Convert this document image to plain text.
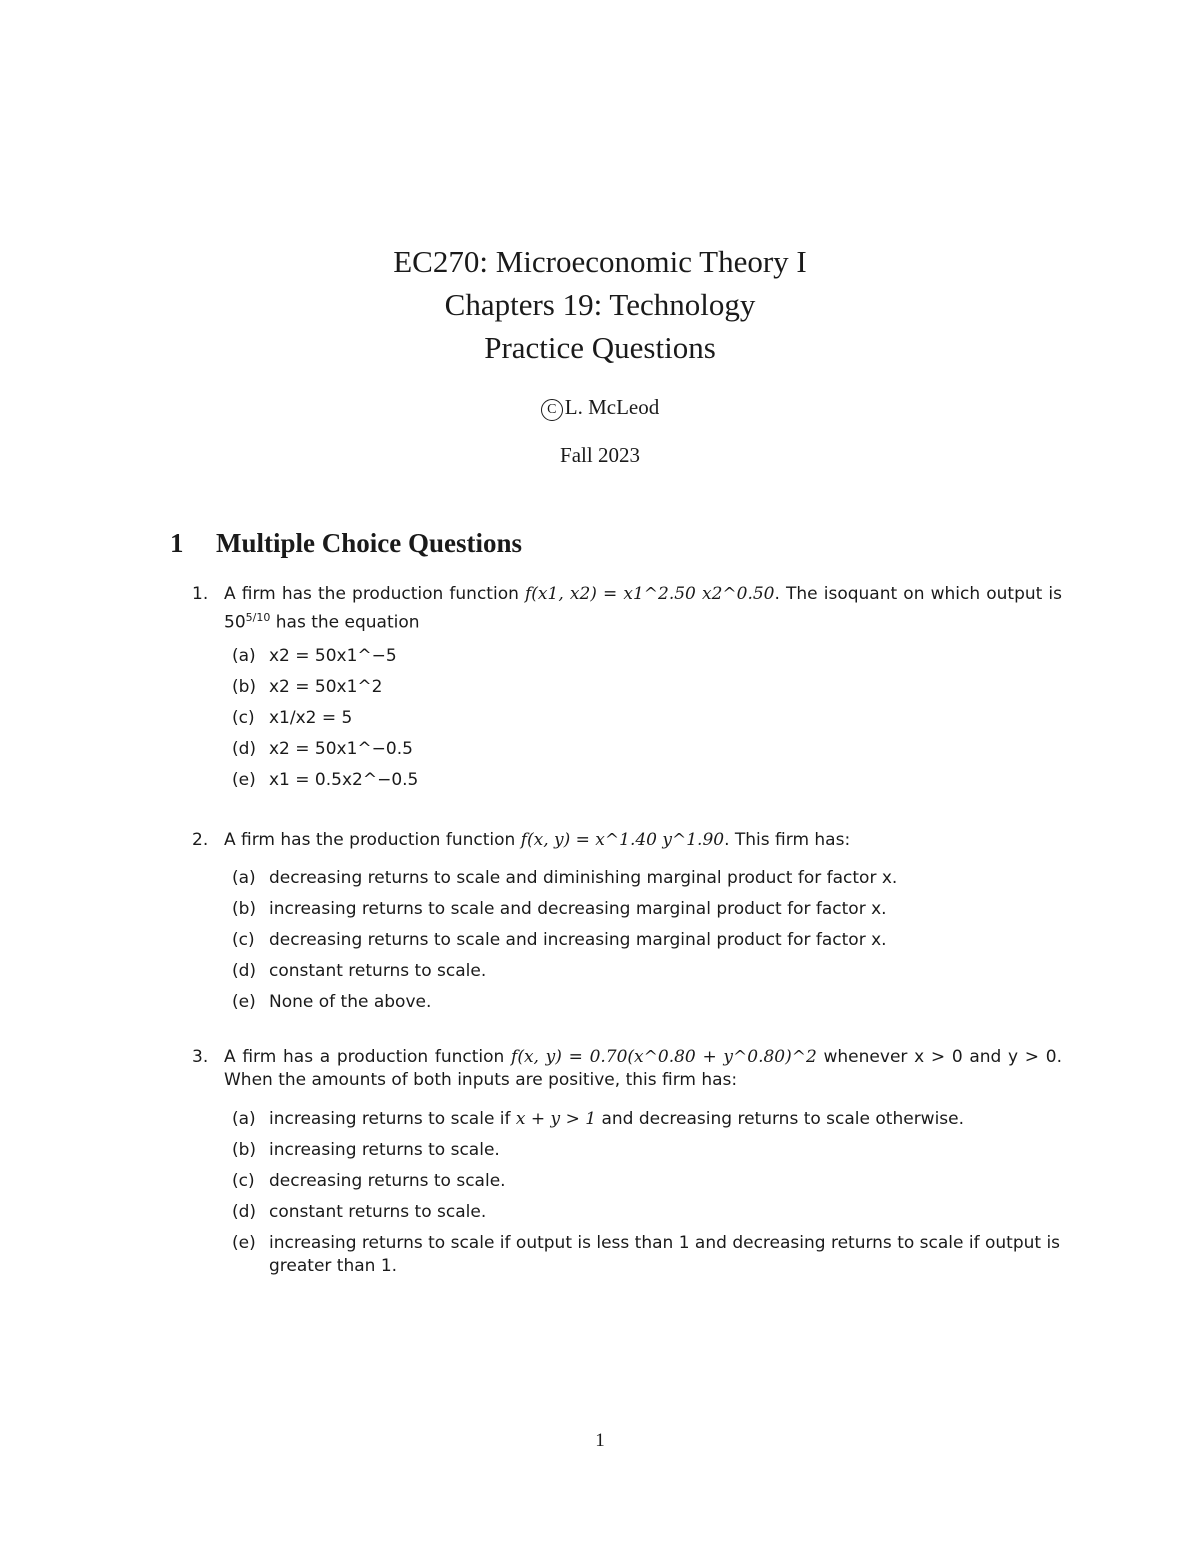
EC270: Microeconomic Theory I
Chapters 19: Technology
Practice Questions
C L. McLeod
Fall 2023
1 Multiple Choice Questions
1. A firm has the production function f(x1, x2) = x1^2.50 x2^0.50. The isoquant on which output is $50^{5/10}$ has the equation
(a) x2 = 50x1^−5
(b) x2 = 50x1^2
(c) x1/x2 = 5
(d) x2 = 50x1^−0.5
(e) x1 = 0.5x2^−0.5
2. A firm has the production function f(x, y) = x^1.40 y^1.90. This firm has:
(a) decreasing returns to scale and diminishing marginal product for factor x.
(b) increasing returns to scale and decreasing marginal product for factor x.
(c) decreasing returns to scale and increasing marginal product for factor x.
(d) constant returns to scale.
(e) None of the above.
3. A firm has a production function f(x, y) = 0.70(x^0.80 + y^0.80)^2 whenever x > 0 and y > 0. When the amounts of both inputs are positive, this firm has:
(a) increasing returns to scale if x + y > 1 and decreasing returns to scale otherwise.
(b) increasing returns to scale.
(c) decreasing returns to scale.
(d) constant returns to scale.
(e) increasing returns to scale if output is less than 1 and decreasing returns to scale if output is greater than 1.
1
